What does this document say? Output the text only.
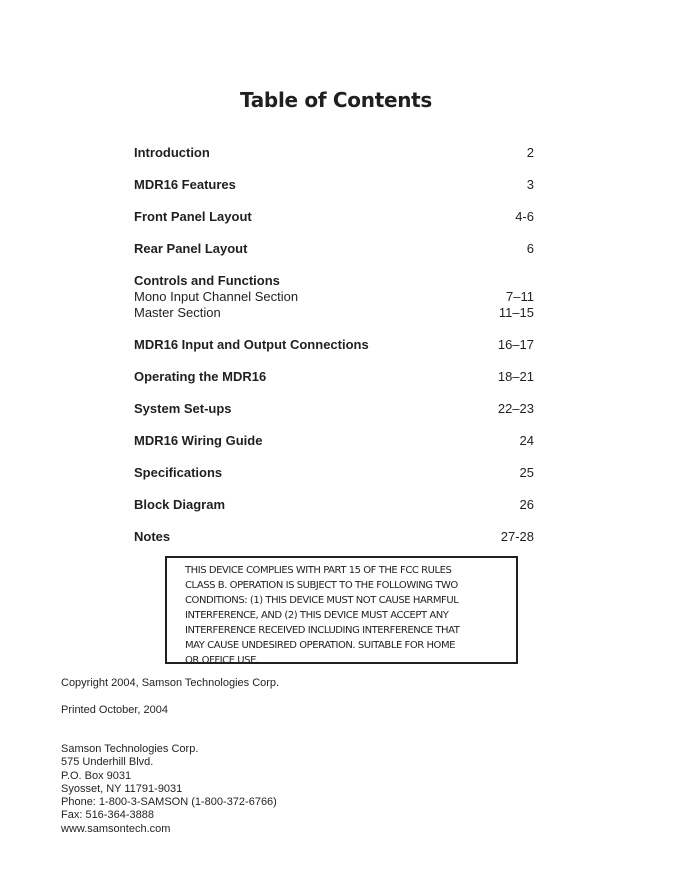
Table of Contents
Introduction	2
MDR16 Features	3
Front Panel Layout	4-6
Rear Panel Layout	6
Controls and Functions
Mono Input Channel Section	7–11
Master Section	11–15
MDR16 Input and Output Connections	16–17
Operating the MDR16	18–21
System Set-ups	22–23
MDR16 Wiring Guide	24
Specifications	25
Block Diagram	26
Notes	27-28
THIS DEVICE COMPLIES WITH PART 15 OF THE FCC RULES
CLASS B. OPERATION IS SUBJECT TO THE FOLLOWING TWO
CONDITIONS: (1) THIS DEVICE MUST NOT CAUSE HARMFUL
INTERFERENCE, AND (2) THIS DEVICE MUST ACCEPT ANY
INTERFERENCE RECEIVED INCLUDING INTERFERENCE THAT
MAY CAUSE UNDESIRED OPERATION. SUITABLE FOR HOME
OR OFFICE USE.
Copyright 2004, Samson Technologies Corp.
Printed October, 2004
Samson Technologies Corp.
575 Underhill Blvd.
P.O. Box 9031
Syosset, NY 11791-9031
Phone: 1-800-3-SAMSON (1-800-372-6766)
Fax: 516-364-3888
www.samsontech.com
